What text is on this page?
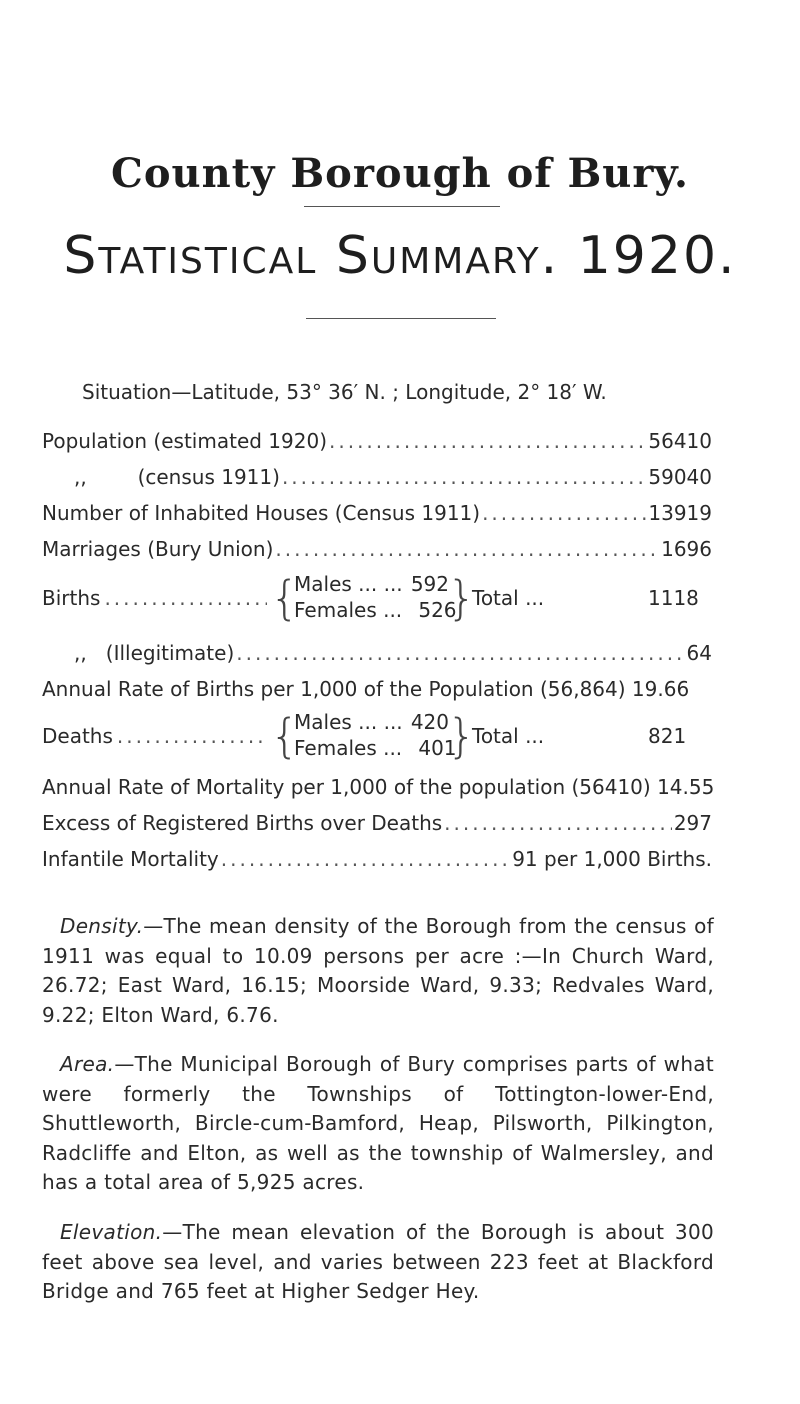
County Borough of Bury.
Statistical Summary. 1920.
Situation—Latitude, 53° 36′ N. ; Longitude, 2° 18′ W.
Population (estimated 1920) .....	56410
,,        (census 1911) .....	59040
Number of Inhabited Houses (Census 1911) .....	13919
Marriages (Bury Union) .....	1696
Births .....	{
Males ... ... 592
Females ... 526
}
Total ...	1118
,,   (Illegitimate) .....	64
Annual Rate of Births per 1,000 of the Population (56,864) 19.66
Deaths .....	{
Males ... ... 420
Females ... 401
}
Total ...	821
Annual Rate of Mortality per 1,000 of the population (56410) 14.55
Excess of Registered Births over Deaths .....	297
Infantile Mortality .....	91 per 1,000 Births.
Density.—The mean density of the Borough from the census of 1911 was equal to 10.09 persons per acre :—In Church Ward, 26.72; East Ward, 16.15; Moorside Ward, 9.33; Redvales Ward, 9.22; Elton Ward, 6.76.
Area.—The Municipal Borough of Bury comprises parts of what were formerly the Townships of Tottington-lower-End, Shuttleworth, Bircle-cum-Bamford, Heap, Pilsworth, Pilkington, Radcliffe and Elton, as well as the township of Walmersley, and has a total area of 5,925 acres.
Elevation.—The mean elevation of the Borough is about 300 feet above sea level, and varies between 223 feet at Blackford Bridge and 765 feet at Higher Sedger Hey.
